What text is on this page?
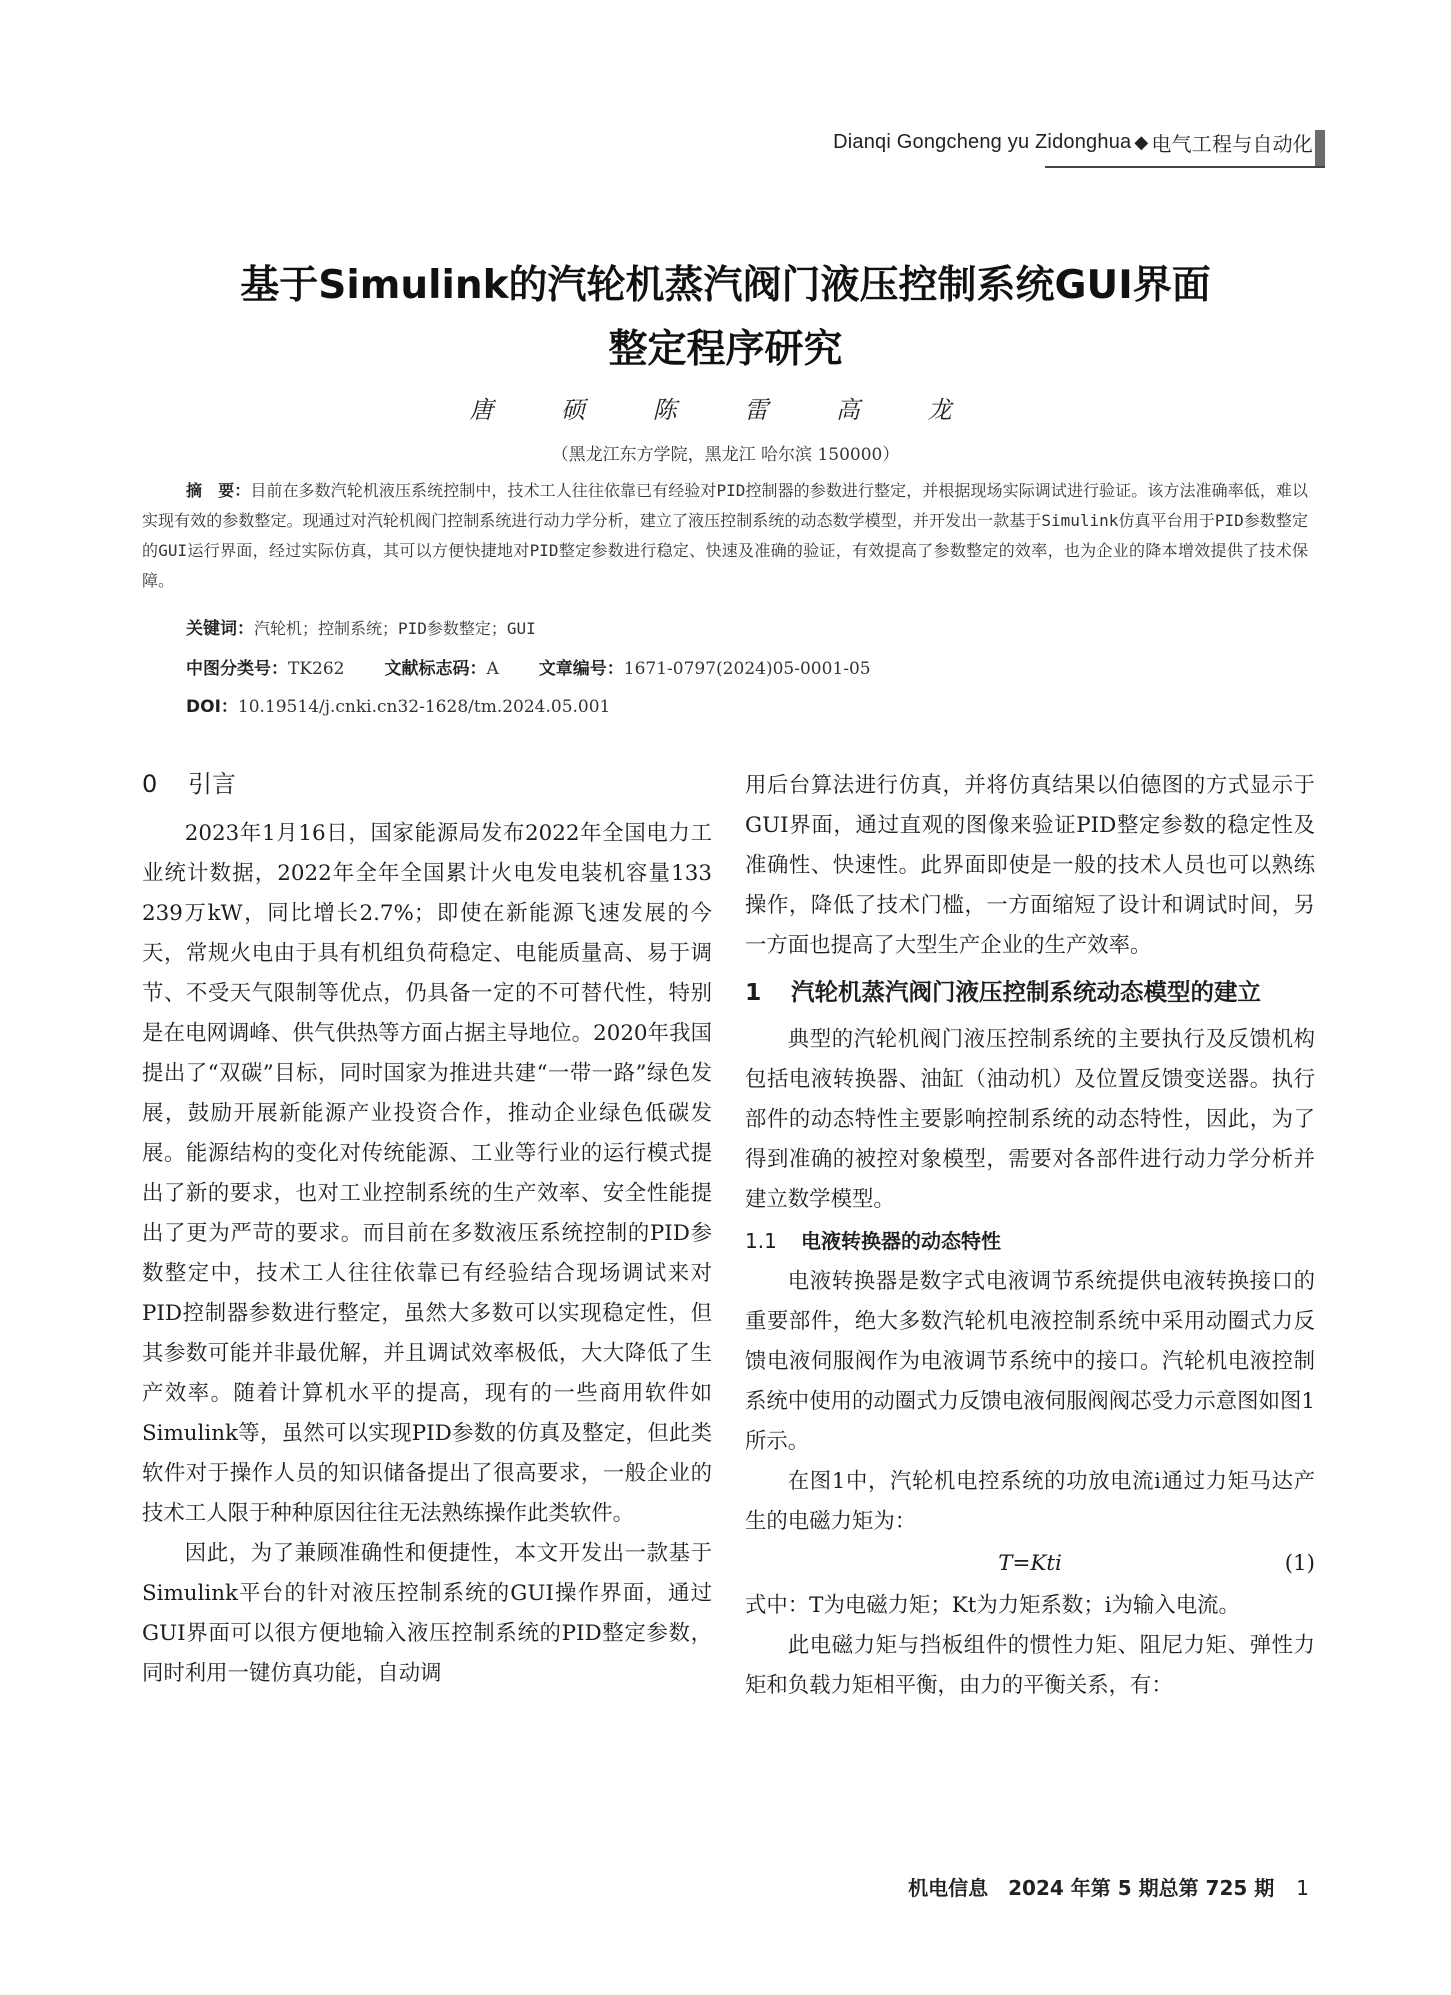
Dianqi Gongcheng yu Zidonghua ◆ 电气工程与自动化
基于Simulink的汽轮机蒸汽阀门液压控制系统GUI界面
整定程序研究
唐 硕 陈 雷 高 龙
（黑龙江东方学院，黑龙江 哈尔滨 150000）
摘　要：目前在多数汽轮机液压系统控制中，技术工人往往依靠已有经验对PID控制器的参数进行整定，并根据现场实际调试进行验证。该方法准确率低，难以实现有效的参数整定。现通过对汽轮机阀门控制系统进行动力学分析，建立了液压控制系统的动态数学模型，并开发出一款基于Simulink仿真平台用于PID参数整定的GUI运行界面，经过实际仿真，其可以方便快捷地对PID整定参数进行稳定、快速及准确的验证，有效提高了参数整定的效率，也为企业的降本增效提供了技术保障。
关键词：汽轮机；控制系统；PID参数整定；GUI
中图分类号：TK262 文献标志码：A 文章编号：1671-0797(2024)05-0001-05
DOI：10.19514/j.cnki.cn32-1628/tm.2024.05.001
0 引言

2023年1月16日，国家能源局发布2022年全国电力工业统计数据，2022年全年全国累计火电发电装机容量133 239万kW，同比增长2.7%；即使在新能源飞速发展的今天，常规火电由于具有机组负荷稳定、电能质量高、易于调节、不受天气限制等优点，仍具备一定的不可替代性，特别是在电网调峰、供气供热等方面占据主导地位。2020年我国提出了“双碳”目标，同时国家为推进共建“一带一路”绿色发展，鼓励开展新能源产业投资合作，推动企业绿色低碳发展。能源结构的变化对传统能源、工业等行业的运行模式提出了新的要求，也对工业控制系统的生产效率、安全性能提出了更为严苛的要求。而目前在多数液压系统控制的PID参数整定中，技术工人往往依靠已有经验结合现场调试来对PID控制器参数进行整定，虽然大多数可以实现稳定性，但其参数可能并非最优解，并且调试效率极低，大大降低了生产效率。随着计算机水平的提高，现有的一些商用软件如Simulink等，虽然可以实现PID参数的仿真及整定，但此类软件对于操作人员的知识储备提出了很高要求，一般企业的技术工人限于种种原因往往无法熟练操作此类软件。

因此，为了兼顾准确性和便捷性，本文开发出一款基于Simulink平台的针对液压控制系统的GUI操作界面，通过GUI界面可以很方便地输入液压控制系统的PID整定参数，同时利用一键仿真功能，自动调

用后台算法进行仿真，并将仿真结果以伯德图的方式显示于GUI界面，通过直观的图像来验证PID整定参数的稳定性及准确性、快速性。此界面即使是一般的技术人员也可以熟练操作，降低了技术门槛，一方面缩短了设计和调试时间，另一方面也提高了大型生产企业的生产效率。

1 汽轮机蒸汽阀门液压控制系统动态模型的建立

典型的汽轮机阀门液压控制系统的主要执行及反馈机构包括电液转换器、油缸（油动机）及位置反馈变送器。执行部件的动态特性主要影响控制系统的动态特性，因此，为了得到准确的被控对象模型，需要对各部件进行动力学分析并建立数学模型。

1.1 电液转换器的动态特性

电液转换器是数字式电液调节系统提供电液转换接口的重要部件，绝大多数汽轮机电液控制系统中采用动圈式力反馈电液伺服阀作为电液调节系统中的接口。汽轮机电液控制系统中使用的动圈式力反馈电液伺服阀阀芯受力示意图如图1所示。

在图1中，汽轮机电控系统的功放电流i通过力矩马达产生的电磁力矩为：

T=Kti	(1)

式中：T为电磁力矩；Kt为力矩系数；i为输入电流。

此电磁力矩与挡板组件的惯性力矩、阻尼力矩、弹性力矩和负载力矩相平衡，由力的平衡关系，有：

机电信息　2024 年第 5 期总第 725 期 1
